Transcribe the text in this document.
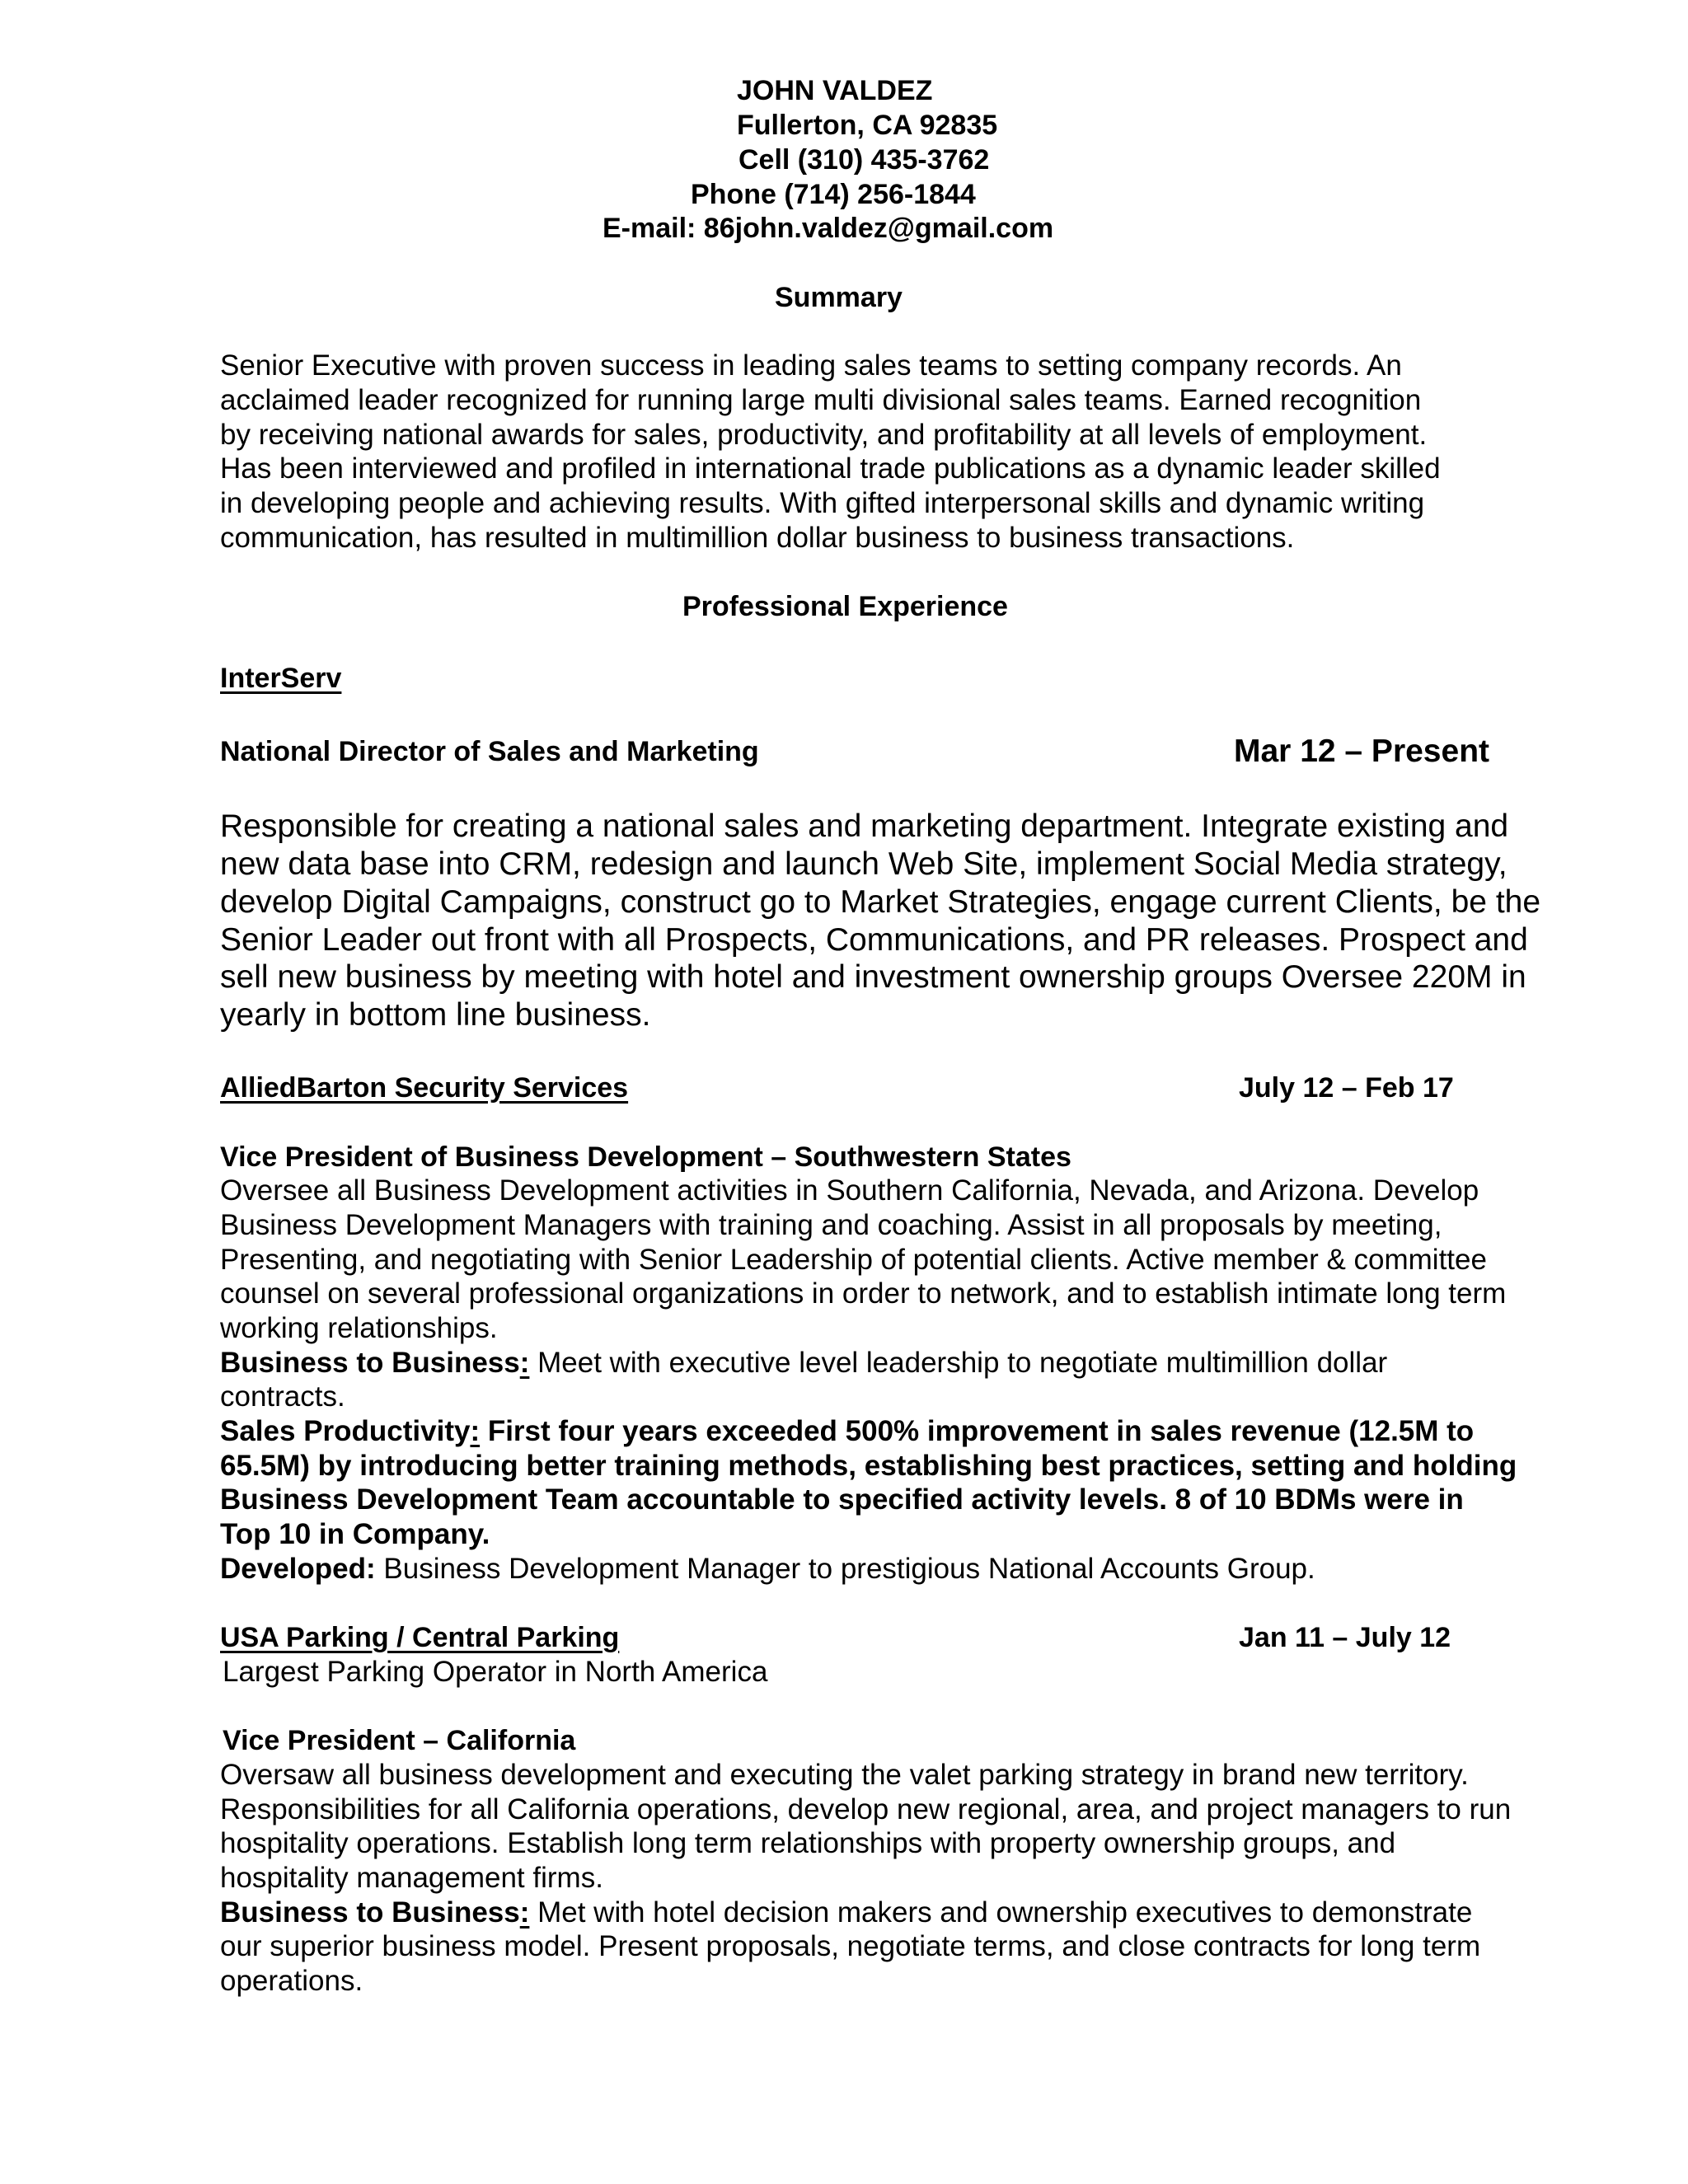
JOHN VALDEZ
Fullerton, CA 92835
Cell (310) 435-3762
Phone (714) 256-1844
E-mail: 86john.valdez@gmail.com
Summary
Senior Executive with proven success in leading sales teams to setting company records. An
acclaimed leader recognized for running large multi divisional sales teams. Earned recognition
by receiving national awards for sales, productivity, and profitability at all levels of employment.
Has been interviewed and profiled in international trade publications as a dynamic leader skilled
in developing people and achieving results. With gifted interpersonal skills and dynamic writing
communication, has resulted in multimillion dollar business to business transactions.
Professional Experience
InterServ
National Director of Sales and Marketing	Mar 12 – Present
Responsible for creating a national sales and marketing department. Integrate existing and
new data base into CRM, redesign and launch Web Site, implement Social Media strategy,
develop Digital Campaigns, construct go to Market Strategies, engage current Clients, be the
Senior Leader out front with all Prospects, Communications, and PR releases. Prospect and
sell new business by meeting with hotel and investment ownership groups Oversee 220M in
yearly in bottom line business.
AlliedBarton Security Services	July 12 – Feb 17
Vice President of Business Development – Southwestern States
Oversee all Business Development activities in Southern California, Nevada, and Arizona. Develop
Business Development Managers with training and coaching. Assist in all proposals by meeting,
Presenting, and negotiating with Senior Leadership of potential clients. Active member & committee
counsel on several professional organizations in order to network, and to establish intimate long term
working relationships.
Business to Business: Meet with executive level leadership to negotiate multimillion dollar
contracts.
Sales Productivity: First four years exceeded 500% improvement in sales revenue (12.5M to
65.5M) by introducing better training methods, establishing best practices, setting and holding
Business Development Team accountable to specified activity levels. 8 of 10 BDMs were in
Top 10 in Company.
Developed: Business Development Manager to prestigious National Accounts Group.
USA Parking / Central Parking	Jan 11 – July 12
Largest Parking Operator in North America
Vice President – California
Oversaw all business development and executing the valet parking strategy in brand new territory.
Responsibilities for all California operations, develop new regional, area, and project managers to run
hospitality operations. Establish long term relationships with property ownership groups, and
hospitality management firms.
Business to Business: Met with hotel decision makers and ownership executives to demonstrate
our superior business model. Present proposals, negotiate terms, and close contracts for long term
operations.
